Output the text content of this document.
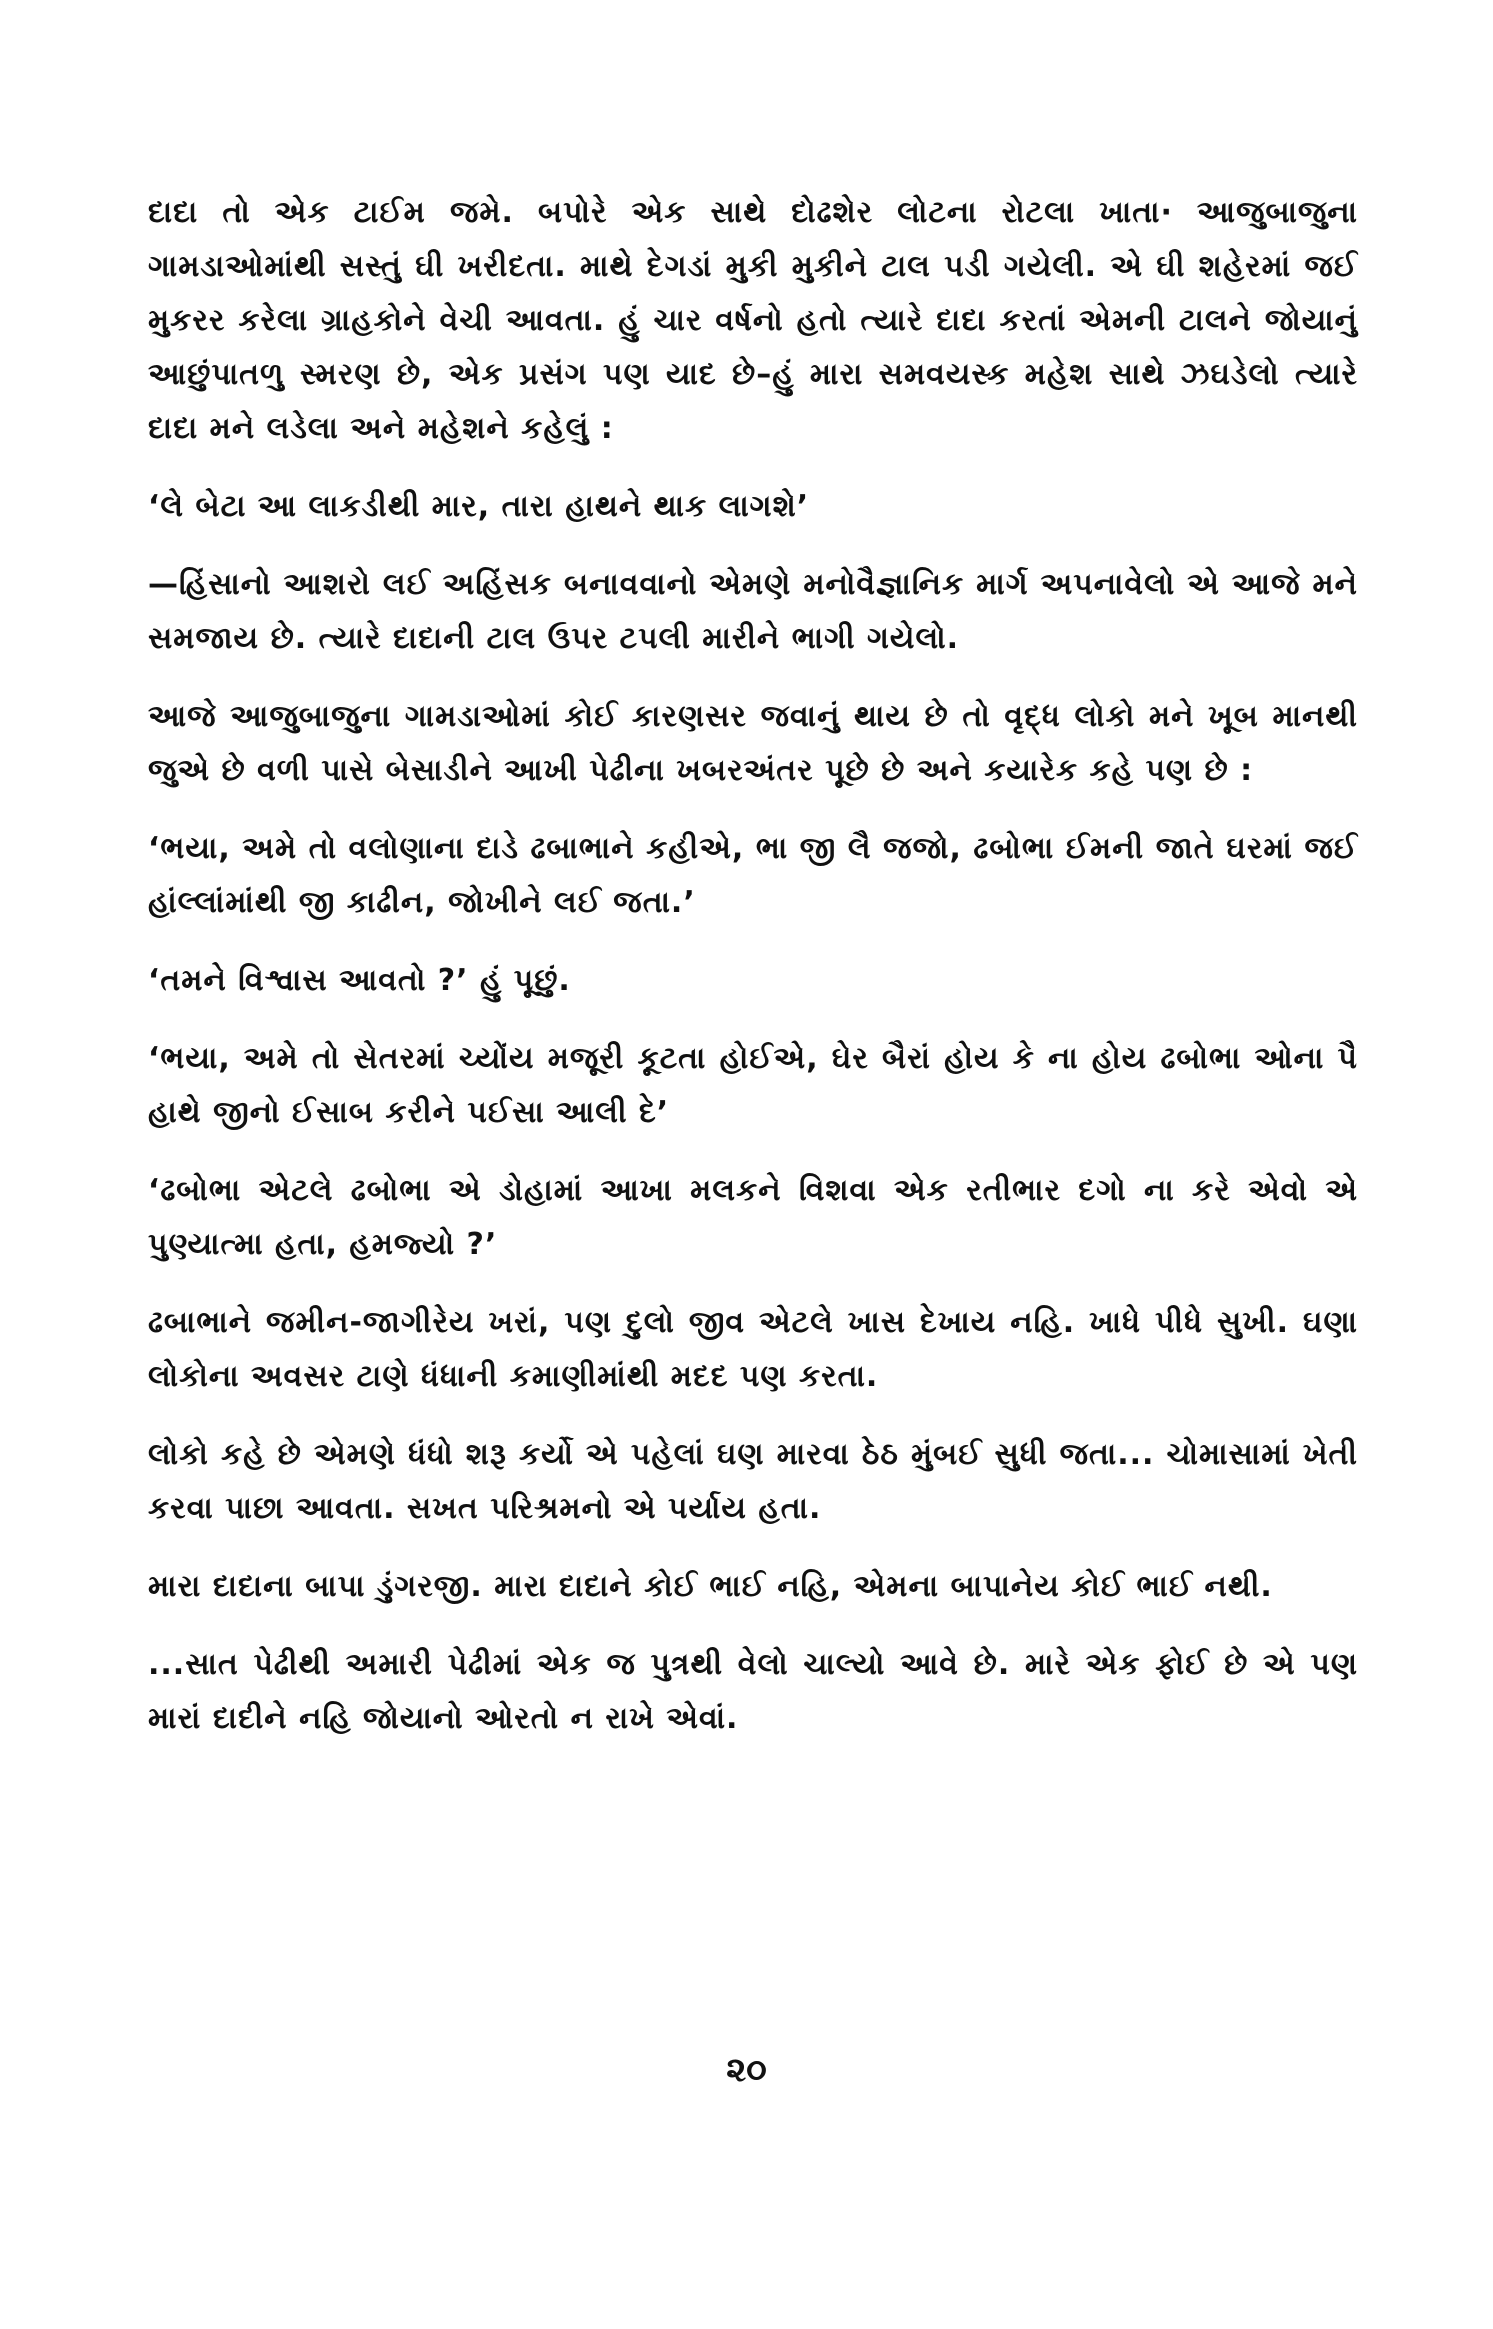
દાદા તો એક ટાઈમ જમે. બપોરે એક સાથે દોઢશેર લોટના રોટલા ખાતા· આજુબાજુના ગામડાઓમાંથી સસ્તું ઘી ખરીદતા. માથે દેગડાં મુકી મુકીને ટાલ પડી ગયેલી. એ ઘી શહેરમાં જઈ મુકરર કરેલા ગ્રાહકોને વેચી આવતા. હું ચાર વર્ષનો હતો ત્યારે દાદા કરતાં એમની ટાલને જોયાનું આછુંપાતળુ સ્મરણ છે, એક પ્રસંગ પણ યાદ છે–હું મારા સમવયસ્ક મહેશ સાથે ઝઘડેલો ત્યારે દાદા મને લડેલા અને મહેશને કહેલું :

‘લે બેટા આ લાકડીથી માર, તારા હાથને થાક લાગશે’

—હિંસાનો આશરો લઈ અહિંસક બનાવવાનો એમણે મનોવૈજ્ઞાનિક માર્ગ અપનાવેલો એ આજે મને સમજાય છે. ત્યારે દાદાની ટાલ ઉપર ટપલી મારીને ભાગી ગયેલો.

આજે આજુબાજુના ગામડાઓમાં કોઈ કારણસર જવાનું થાય છે તો વૃદ્ધ લોકો મને ખૂબ માનથી જુએ છે વળી પાસે બેસાડીને આખી પેઢીના ખબરઅંતર પૂછે છે અને કયારેક કહે પણ છે :

‘ભયા, અમે તો વલોણાના દાડે ઢબાભાને કહીએ, ભા જી લૈ જજો, ઢબોભા ઈમની જાતે ઘરમાં જઈ હાંલ્લાંમાંથી જી કાઢીન, જોખીને લઈ જતા.’

‘તમને વિશ્વાસ આવતો ?’ હું પૂછું.

‘ભયા, અમે તો સેતરમાં ચ્યોંય મજૂરી કૂટતા હોઈએ, ઘેર બૈરાં હોય કે ના હોય ઢબોભા ઓના પૈ હાથે જીનો ઈસાબ કરીને પઈસા આલી દે’

‘ઢબોભા એટલે ઢબોભા એ ડોહામાં આખા મલકને વિશવા એક રતીભાર દગો ના કરે એવો એ પુણ્યાત્મા હતા, હમજ્યો ?’

ઢબાભાને જમીન-જાગીરેય ખરાં, પણ દુલો જીવ એટલે ખાસ દેખાય નહિ. ખાધે પીધે સુખી. ઘણા લોકોના અવસર ટાણે ધંધાની કમાણીમાંથી મદદ પણ કરતા.

લોકો કહે છે એમણે ધંધો શરૂ કર્યો એ પહેલાં ઘણ મારવા ઠેઠ મુંબઈ સુધી જતા... ચોમાસામાં ખેતી કરવા પાછા આવતા. સખત પરિશ્રમનો એ પર્યાય હતા.

મારા દાદાના બાપા ડુંગરજી. મારા દાદાને કોઈ ભાઈ નહિ, એમના બાપાનેય કોઈ ભાઈ નથી.

...સાત પેઢીથી અમારી પેઢીમાં એક જ પુત્રથી વેલો ચાલ્યો આવે છે. મારે એક ફોઈ છે એ પણ મારાં દાદીને નહિ જોયાનો ઓરતો ન રાખે એવાં.

૨૦
